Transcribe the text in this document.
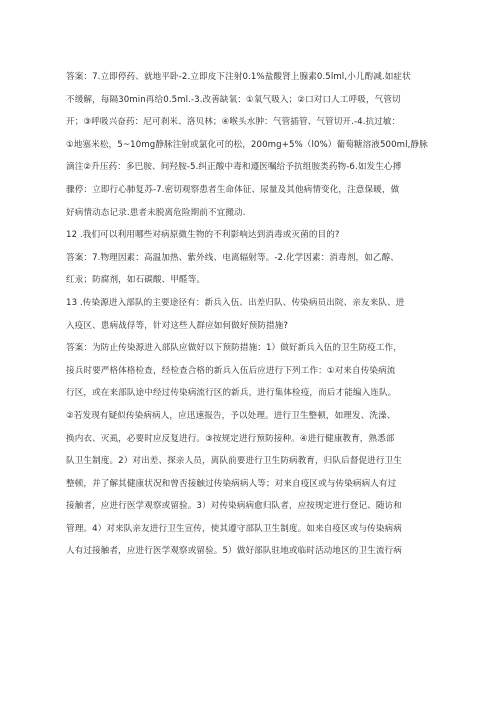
答案：7.立即停药、就地平卧-2.立即皮下注射0.1%盐酸肾上腺素0.5lml,小儿酌减.如症状
不缓解，每隔30min再给0.5ml.-3.改善缺氧：①氧气吸入；②口对口人工呼吸，气管切
开；③呼吸兴奋药：尼可刹米、洛贝林；④喉头水肿：气管插管、气管切开.-4.抗过敏：
①地塞米松，5~10mg静脉注射或氯化可的松，200mg+5%（l0%）葡萄糖溶液500ml,静脉
滴注②升压药：多巴胺、间羟胺-5.纠正酸中毒和遵医嘱给予抗组胺类药物-6.如发生心搏
骤停：立即行心肺复苏-7.密切观察患者生命体征、尿量及其他病情变化，注意保暖，做
好病情动态记录.患者未脱离危险期前不宜搬动.

12 .我们可以利用哪些对病原微生物的不利影响达到消毒或灭菌的目的?

答案：7.物理因素：高温加热、紫外线、电离辐射等。-2.化学因素：消毒剂，如乙醇、
红汞；防腐剂，如石碳酸、甲醛等。

13 .传染源进入部队的主要途径有：新兵入伍、出差归队、传染病员出院、亲友来队、进
入疫区、患病战俘等，针对这些人群应如何做好预防措施?

答案：为防止传染源进入部队应做好以下预防措施：1）做好新兵入伍的卫生防疫工作，
接兵时要严格体格检查，经检查合格的新兵入伍后应进行下列工作：①对来自传染病流
行区，或在来部队途中经过传染病流行区的新兵，进行集体检疫，而后才能编入连队。
②若发现有疑似传染病病人，应迅速报告，予以处理。进行卫生整顿，如理发、洗澡、
换内衣、灭虱，必要时应反复进行。③按规定进行预防接种。④进行健康教育，熟悉部
队卫生制度。2）对出差、探亲人员，离队前要进行卫生防病教育，归队后督促进行卫生
整顿，并了解其健康状况和曾否接触过传染病病人等；对来自疫区或与传染病病人有过
接触者，应进行医学观察或留验。3）对传染病病愈归队者，应按规定进行登记、随访和
管理。4）对来队亲友进行卫生宣传，使其遵守部队卫生制度。如来自疫区或与传染病病
人有过接触者，应进行医学观察或留验。5）做好部队驻地或临时活动地区的卫生流行病
